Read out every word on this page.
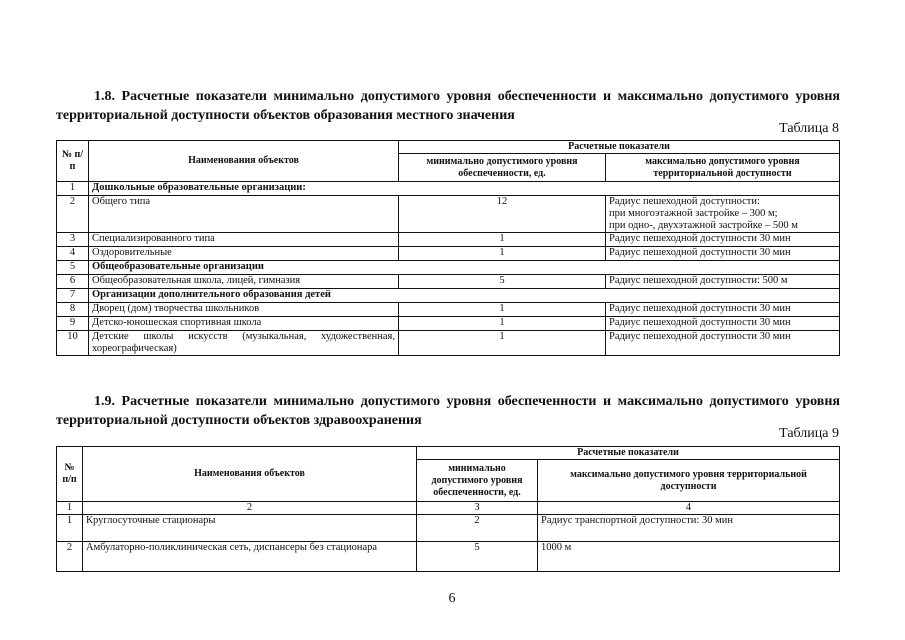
1.8. Расчетные показатели минимально допустимого уровня обеспеченности и максимально допустимого уровня территориальной доступности объектов образования местного значения
Таблица 8
№ п/п	Наименования объектов	Расчетные показатели	
		минимально допустимого уровня обеспеченности, ед.	максимально допустимого уровня территориальной доступности
1	Дошкольные образовательные организации:		
2	Общего типа	12	Радиус пешеходной доступности:
при многоэтажной застройке – 300 м;
при одно-, двухэтажной застройке – 500 м

3	Специализированного типа	1	Радиус пешеходной доступности 30 мин
4	Оздоровительные	1	Радиус пешеходной доступности 30 мин
5	Общеобразовательные организации		
6	Общеобразовательная школа, лицей, гимназия	5	Радиус пешеходной доступности: 500 м
7	Организации дополнительного образования детей		
8	Дворец (дом) творчества школьников	1	Радиус пешеходной доступности 30 мин
9	Детско-юношеская спортивная школа	1	Радиус пешеходной доступности 30 мин
10	Детские школы искусств (музыкальная, художественная, хореографическая)	1	Радиус пешеходной доступности 30 мин
1.9. Расчетные показатели минимально допустимого уровня обеспеченности и максимально допустимого уровня территориальной доступности объектов здравоохранения
Таблица 9
№ п/п	Наименования объектов	Расчетные показатели	
		минимально допустимого уровня обеспеченности, ед.	максимально допустимого уровня территориальной доступности
1	2	3	4
1	Круглосуточные стационары	2	Радиус транспортной доступности: 30 мин
2	Амбулаторно-поликлиническая сеть, диспансеры без стационара	5	1000 м
6
